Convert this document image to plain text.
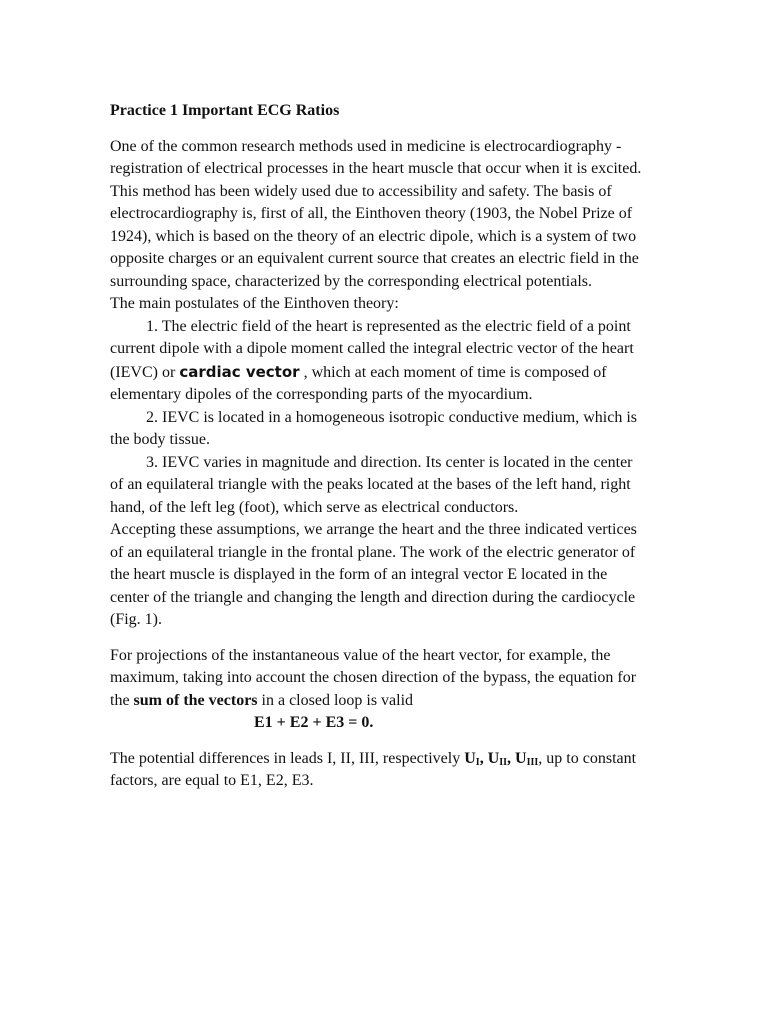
Practice 1 Important ECG Ratios

One of the common research methods used in medicine is electrocardiography -
registration of electrical processes in the heart muscle that occur when it is excited.
This method has been widely used due to accessibility and safety. The basis of
electrocardiography is, first of all, the Einthoven theory (1903, the Nobel Prize of
1924), which is based on the theory of an electric dipole, which is a system of two
opposite charges or an equivalent current source that creates an electric field in the
surrounding space, characterized by the corresponding electrical potentials.
The main postulates of the Einthoven theory:

1. The electric field of the heart is represented as the electric field of a point
current dipole with a dipole moment called the integral electric vector of the heart
(IEVC) or cardiac vector , which at each moment of time is composed of
elementary dipoles of the corresponding parts of the myocardium.

2. IEVC is located in a homogeneous isotropic conductive medium, which is
the body tissue.

3. IEVC varies in magnitude and direction. Its center is located in the center
of an equilateral triangle with the peaks located at the bases of the left hand, right
hand, of the left leg (foot), which serve as electrical conductors.

Accepting these assumptions, we arrange the heart and the three indicated vertices
of an equilateral triangle in the frontal plane. The work of the electric generator of
the heart muscle is displayed in the form of an integral vector E located in the
center of the triangle and changing the length and direction during the cardiocycle
(Fig. 1).

For projections of the instantaneous value of the heart vector, for example, the
maximum, taking into account the chosen direction of the bypass, the equation for
the sum of the vectors in a closed loop is valid
E1 + E2 + E3 = 0.

The potential differences in leads I, II, III, respectively $U_I$, $U_{II}$, $U_{III}$, up to constant
factors, are equal to E1, E2, E3.
